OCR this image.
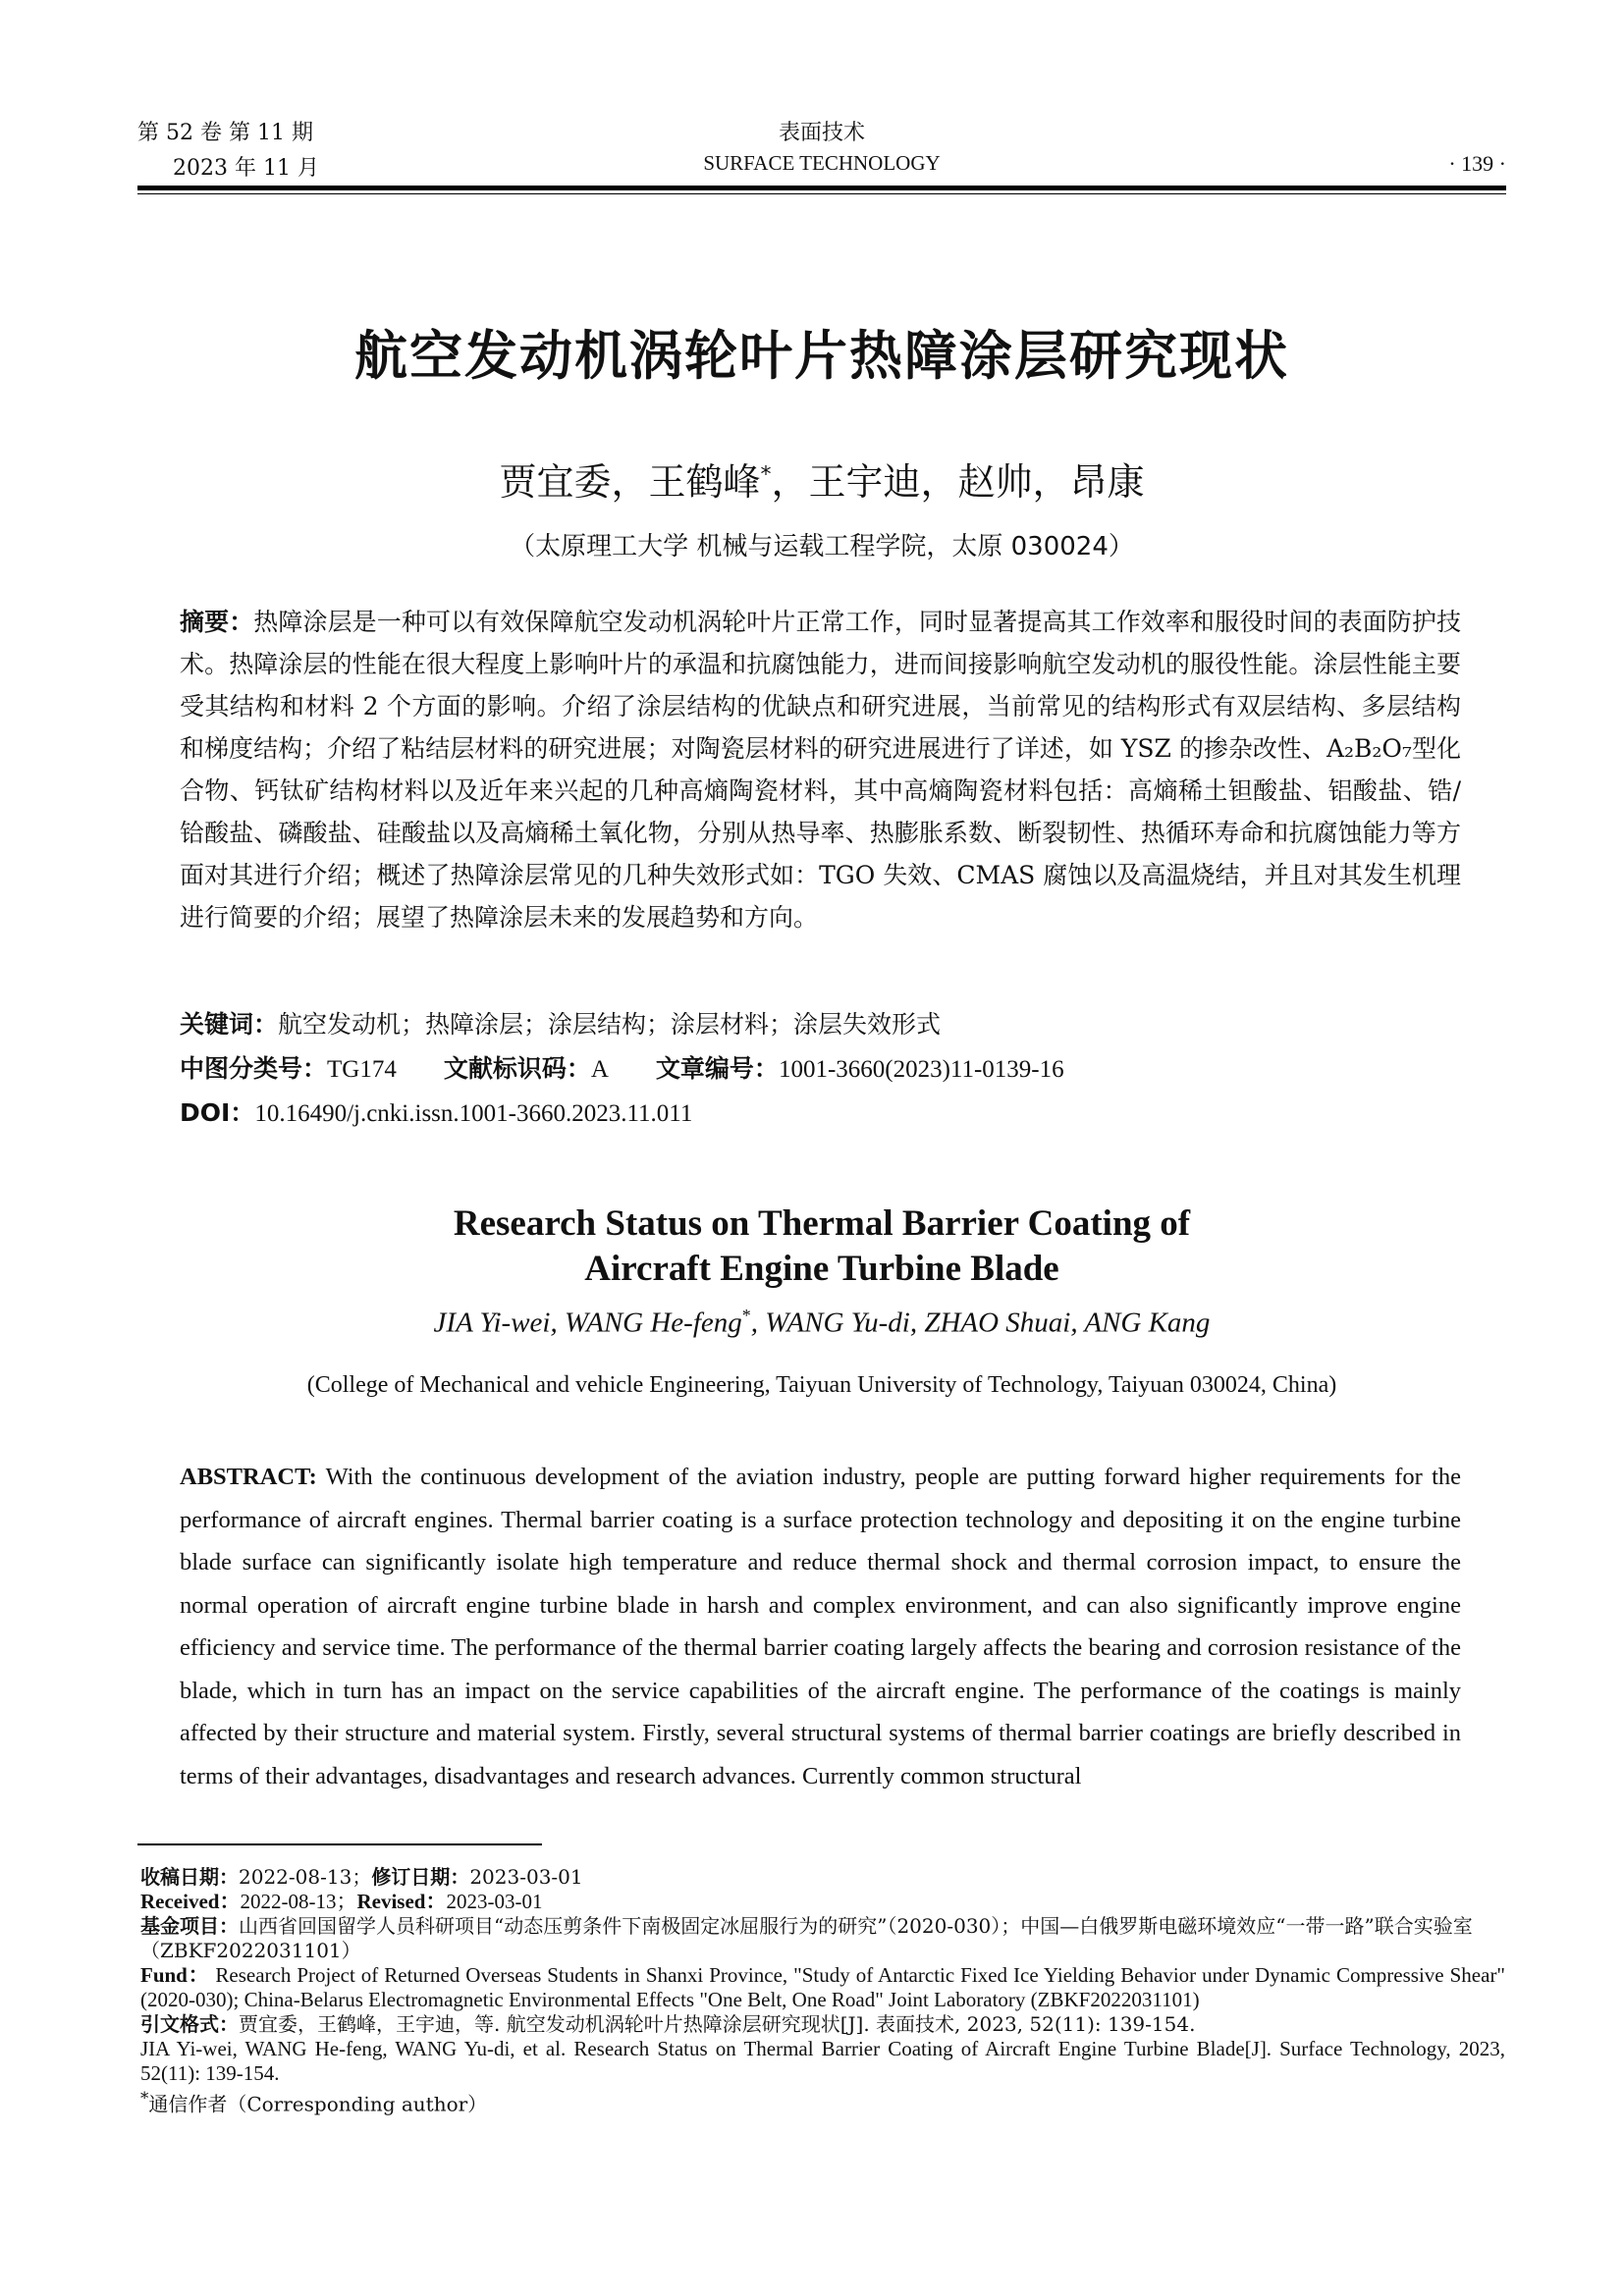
第 52 卷 第 11 期
2023 年 11 月
表面技术
SURFACE TECHNOLOGY	· 139 ·
航空发动机涡轮叶片热障涂层研究现状
贾宜委，王鹤峰*，王宇迪，赵帅，昂康
（太原理工大学 机械与运载工程学院，太原 030024）
摘要：热障涂层是一种可以有效保障航空发动机涡轮叶片正常工作，同时显著提高其工作效率和服役时间的表面防护技术。热障涂层的性能在很大程度上影响叶片的承温和抗腐蚀能力，进而间接影响航空发动机的服役性能。涂层性能主要受其结构和材料 2 个方面的影响。介绍了涂层结构的优缺点和研究进展，当前常见的结构形式有双层结构、多层结构和梯度结构；介绍了粘结层材料的研究进展；对陶瓷层材料的研究进展进行了详述，如 YSZ 的掺杂改性、A₂B₂O₇型化合物、钙钛矿结构材料以及近年来兴起的几种高熵陶瓷材料，其中高熵陶瓷材料包括：高熵稀土钽酸盐、铝酸盐、锆/铪酸盐、磷酸盐、硅酸盐以及高熵稀土氧化物，分别从热导率、热膨胀系数、断裂韧性、热循环寿命和抗腐蚀能力等方面对其进行介绍；概述了热障涂层常见的几种失效形式如：TGO 失效、CMAS 腐蚀以及高温烧结，并且对其发生机理进行简要的介绍；展望了热障涂层未来的发展趋势和方向。
关键词：航空发动机；热障涂层；涂层结构；涂层材料；涂层失效形式
中图分类号：TG174 文献标识码：A 文章编号：1001-3660(2023)11-0139-16
DOI：10.16490/j.cnki.issn.1001-3660.2023.11.011
Research Status on Thermal Barrier Coating of
Aircraft Engine Turbine Blade
JIA Yi-wei, WANG He-feng*, WANG Yu-di, ZHAO Shuai, ANG Kang
(College of Mechanical and vehicle Engineering, Taiyuan University of Technology, Taiyuan 030024, China)
ABSTRACT: With the continuous development of the aviation industry, people are putting forward higher requirements for the performance of aircraft engines. Thermal barrier coating is a surface protection technology and depositing it on the engine turbine blade surface can significantly isolate high temperature and reduce thermal shock and thermal corrosion impact, to ensure the normal operation of aircraft engine turbine blade in harsh and complex environment, and can also significantly improve engine efficiency and service time. The performance of the thermal barrier coating largely affects the bearing and corrosion resistance of the blade, which in turn has an impact on the service capabilities of the aircraft engine. The performance of the coatings is mainly affected by their structure and material system. Firstly, several structural systems of thermal barrier coatings are briefly described in terms of their advantages, disadvantages and research advances. Currently common structural
收稿日期：2022-08-13；修订日期：2023-03-01
Received：2022-08-13；Revised：2023-03-01
基金项目：山西省回国留学人员科研项目“动态压剪条件下南极固定冰屈服行为的研究”（2020-030）；中国—白俄罗斯电磁环境效应“一带一路”联合实验室（ZBKF2022031101）
Fund： Research Project of Returned Overseas Students in Shanxi Province, "Study of Antarctic Fixed Ice Yielding Behavior under Dynamic Compressive Shear" (2020-030); China-Belarus Electromagnetic Environmental Effects "One Belt, One Road" Joint Laboratory (ZBKF2022031101)
引文格式：贾宜委，王鹤峰，王宇迪，等. 航空发动机涡轮叶片热障涂层研究现状[J]. 表面技术, 2023, 52(11): 139-154.
JIA Yi-wei, WANG He-feng, WANG Yu-di, et al. Research Status on Thermal Barrier Coating of Aircraft Engine Turbine Blade[J]. Surface Technology, 2023, 52(11): 139-154.
*通信作者（Corresponding author）
